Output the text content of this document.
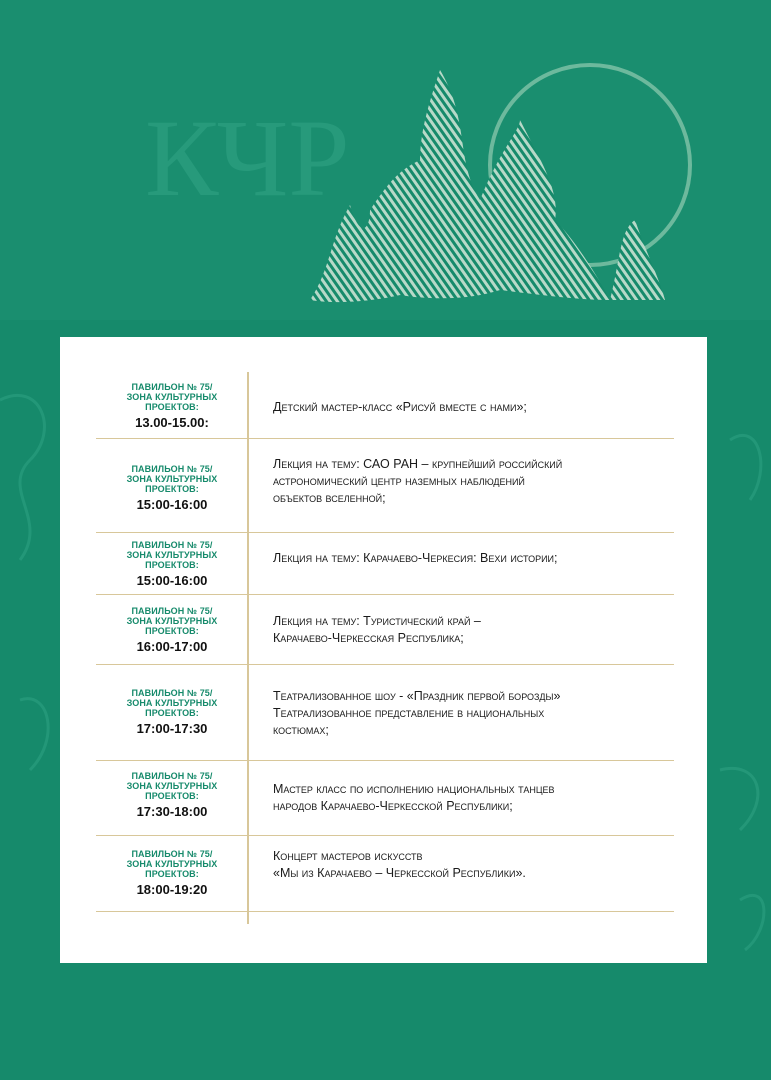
КЧР
ПАВИЛЬОН № 75/
ЗОНА КУЛЬТУРНЫХ
ПРОЕКТОВ:
13.00-15.00:
Детский мастер-класс «Рисуй вместе с нами»;
ПАВИЛЬОН № 75/
ЗОНА КУЛЬТУРНЫХ
ПРОЕКТОВ:
15:00-16:00
Лекция на тему: САО РАН – крупнейший российский
астрономический центр наземных наблюдений
объектов вселенной;
ПАВИЛЬОН № 75/
ЗОНА КУЛЬТУРНЫХ
ПРОЕКТОВ:
15:00-16:00
Лекция на тему: Карачаево-Черкесия: Вехи истории;
ПАВИЛЬОН № 75/
ЗОНА КУЛЬТУРНЫХ
ПРОЕКТОВ:
16:00-17:00
Лекция на тему: Туристический край –
Карачаево-Черкесская Республика;
ПАВИЛЬОН № 75/
ЗОНА КУЛЬТУРНЫХ
ПРОЕКТОВ:
17:00-17:30
Театрализованное шоу - «Праздник первой борозды»
Театрализованное представление в национальных
костюмах;
ПАВИЛЬОН № 75/
ЗОНА КУЛЬТУРНЫХ
ПРОЕКТОВ:
17:30-18:00
Мастер класс по исполнению национальных танцев
народов Карачаево-Черкесской Республики;
ПАВИЛЬОН № 75/
ЗОНА КУЛЬТУРНЫХ
ПРОЕКТОВ:
18:00-19:20
Концерт мастеров искусств
«Мы из Карачаево – Черкесской Республики».
